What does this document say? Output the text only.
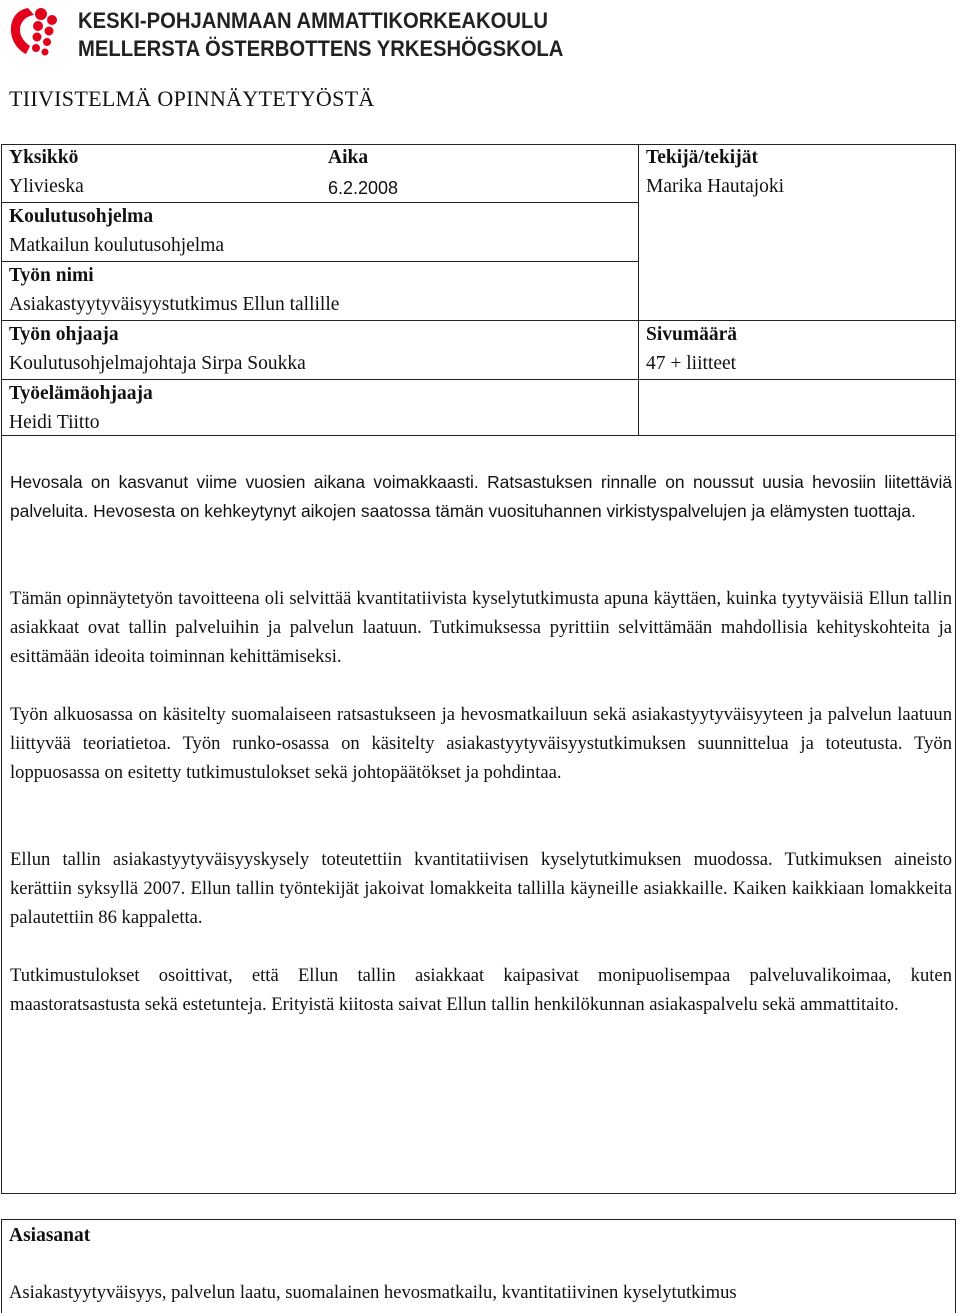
KESKI-POHJANMAAN AMMATTIKORKEAKOULU
MELLERSTA ÖSTERBOTTENS YRKESHÖGSKOLA
TIIVISTELMÄ OPINNÄYTETYÖSTÄ
Yksikkö
Ylivieska
Aika
6.2.2008
Tekijä/tekijät
Marika Hautajoki
Koulutusohjelma
Matkailun koulutusohjelma
Työn nimi
Asiakastyytyväisyystutkimus Ellun tallille
Työn ohjaaja
Koulutusohjelmajohtaja Sirpa Soukka
Sivumäärä
47 + liitteet
Työelämäohjaaja
Heidi Tiitto

Hevosala on kasvanut viime vuosien aikana voimakkaasti. Ratsastuksen rinnalle on noussut uusia hevosiin liitettäviä palveluita. Hevosesta on kehkeytynyt aikojen saatossa tämän vuosituhannen virkistyspalvelujen ja elämysten tuottaja.

Tämän opinnäytetyön tavoitteena oli selvittää kvantitatiivista kyselytutkimusta apuna käyttäen, kuinka tyytyväisiä Ellun tallin asiakkaat ovat tallin palveluihin ja palvelun laatuun. Tutkimuksessa pyrittiin selvittämään mahdollisia kehityskohteita ja esittämään ideoita toiminnan kehittämiseksi.

Työn alkuosassa on käsitelty suomalaiseen ratsastukseen ja hevosmatkailuun sekä asiakastyytyväisyyteen ja palvelun laatuun liittyvää teoriatietoa. Työn runko-osassa on käsitelty asiakastyytyväisyystutkimuksen suunnittelua ja toteutusta. Työn loppuosassa on esitetty tutkimustulokset sekä johtopäätökset ja pohdintaa.

Ellun tallin asiakastyytyväisyyskysely toteutettiin kvantitatiivisen kyselytutkimuksen muodossa. Tutkimuksen aineisto kerättiin syksyllä 2007. Ellun tallin työntekijät jakoivat lomakkeita tallilla käyneille asiakkaille. Kaiken kaikkiaan lomakkeita palautettiin 86 kappaletta.

Tutkimustulokset osoittivat, että Ellun tallin asiakkaat kaipasivat monipuolisempaa palveluvalikoimaa, kuten maastoratsastusta sekä estetunteja. Erityistä kiitosta saivat Ellun tallin henkilökunnan asiakaspalvelu sekä ammattitaito.

Asiasanat
Asiakastyytyväisyys, palvelun laatu, suomalainen hevosmatkailu, kvantitatiivinen kyselytutkimus
